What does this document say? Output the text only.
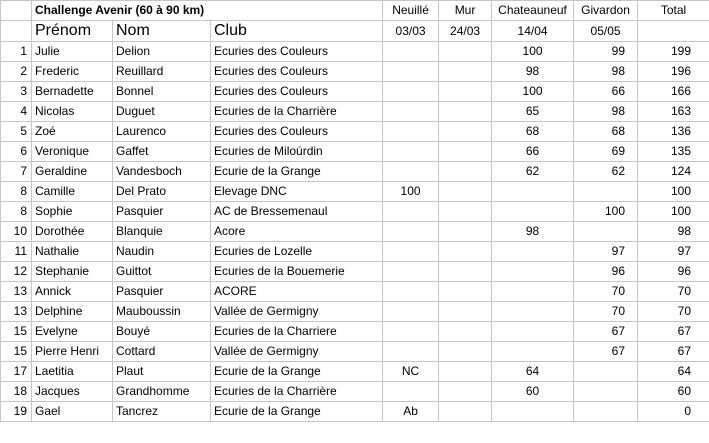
	Challenge Avenir (60 à 90 km)			Neuillé	Mur	Chateauneuf	Givardon	Total
	Prénom	Nom	Club	03/03	24/03	14/04	05/05	
1	Julie	Delion	Ecuries des Couleurs			100	99	199
2	Frederic	Reuillard	Ecuries des Couleurs			98	98	196
3	Bernadette	Bonnel	Ecuries des Couleurs			100	66	166
4	Nicolas	Duguet	Ecuries de la Charrière			65	98	163
5	Zoé	Laurenco	Ecuries des Couleurs			68	68	136
6	Veronique	Gaffet	Ecuries de Miloúrdin			66	69	135
7	Geraldine	Vandesboch	Ecurie de la Grange			62	62	124
8	Camille	Del Prato	Elevage DNC	100				100
8	Sophie	Pasquier	AC de Bressemenaul				100	100
10	Dorothée	Blanquie	Acore			98		98
11	Nathalie	Naudin	Ecuries de Lozelle				97	97
12	Stephanie	Guittot	Ecuries de la Bouemerie				96	96
13	Annick	Pasquier	ACORE				70	70
13	Delphine	Mauboussin	Vallée de Germigny				70	70
15	Evelyne	Bouyé	Ecuries de la Charriere				67	67
15	Pierre Henri	Cottard	Vallée de Germigny				67	67
17	Laetitia	Plaut	Ecurie de la Grange	NC		64		64
18	Jacques	Grandhomme	Ecuries de la Charrière			60		60
19	Gael	Tancrez	Ecurie de la Grange	Ab				0
